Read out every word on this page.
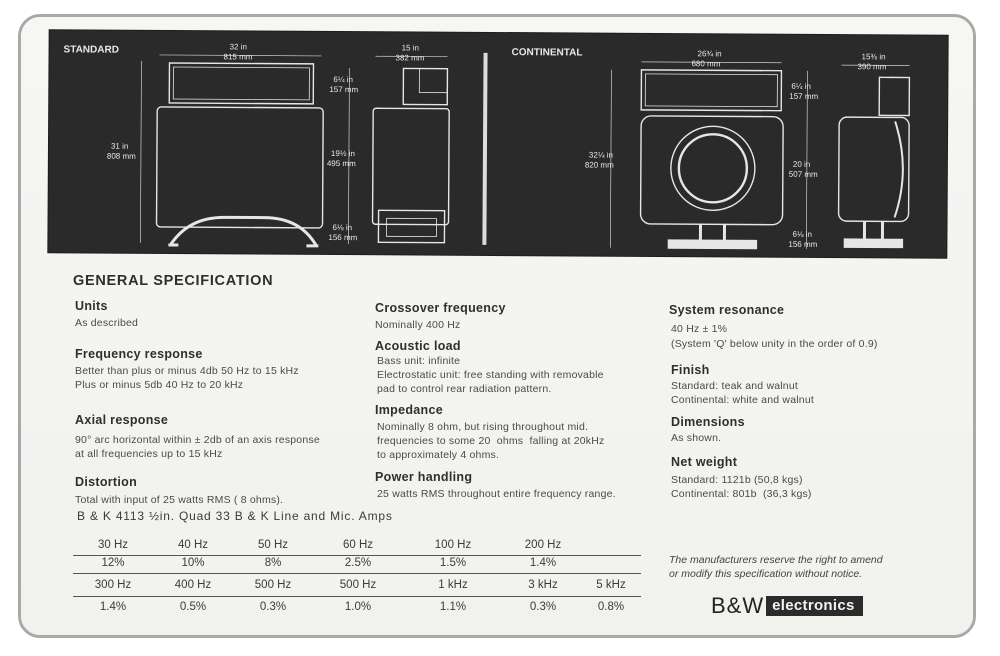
STANDARD	CONTINENTAL
32 in
815 mm
15 in
382 mm
31 in
808 mm
6¼ in
157 mm
19½ in
495 mm
6⅛ in
156 mm
26¾ in
680 mm
15⅜ in
390 mm
32¼ in
820 mm
6¼ in
157 mm
20 in
507 mm
6⅛ in
156 mm
GENERAL SPECIFICATION
Units
As described
Frequency response
Better than plus or minus 4db 50 Hz to 15 kHz
Plus or minus 5db 40 Hz to 20 kHz
Axial response
90° arc horizontal within ± 2db of an axis response
at all frequencies up to 15 kHz
Distortion
Total with input of 25 watts RMS ( 8 ohms).
B & K 4113 ½in. Quad 33 B & K Line and Mic. Amps
Crossover frequency
Nominally 400 Hz
Acoustic load
Bass unit: infinite
Electrostatic unit: free standing with removable
pad to control rear radiation pattern.
Impedance
Nominally 8 ohm, but rising throughout mid.
frequencies to some 20  ohms  falling at 20kHz
to approximately 4 ohms.
Power handling
25 watts RMS throughout entire frequency range.
System resonance
40 Hz ± 1%
(System 'Q' below unity in the order of 0.9)
Finish
Standard: teak and walnut
Continental: white and walnut
Dimensions
As shown.
Net weight
Standard: 1121b (50,8 kgs)
Continental: 801b  (36,3 kgs)
30 Hz	40 Hz	50 Hz	60 Hz	100 Hz	200 Hz
12%	10%	8%	2.5%	1.5%	1.4%
300 Hz	400 Hz	500 Hz	500 Hz	1 kHz	3 kHz	5 kHz
1.4%	0.5%	0.3%	1.0%	1.1%	0.3%	0.8%
The manufacturers reserve the right to amend
or modify this specification without notice.
B&W electronics
